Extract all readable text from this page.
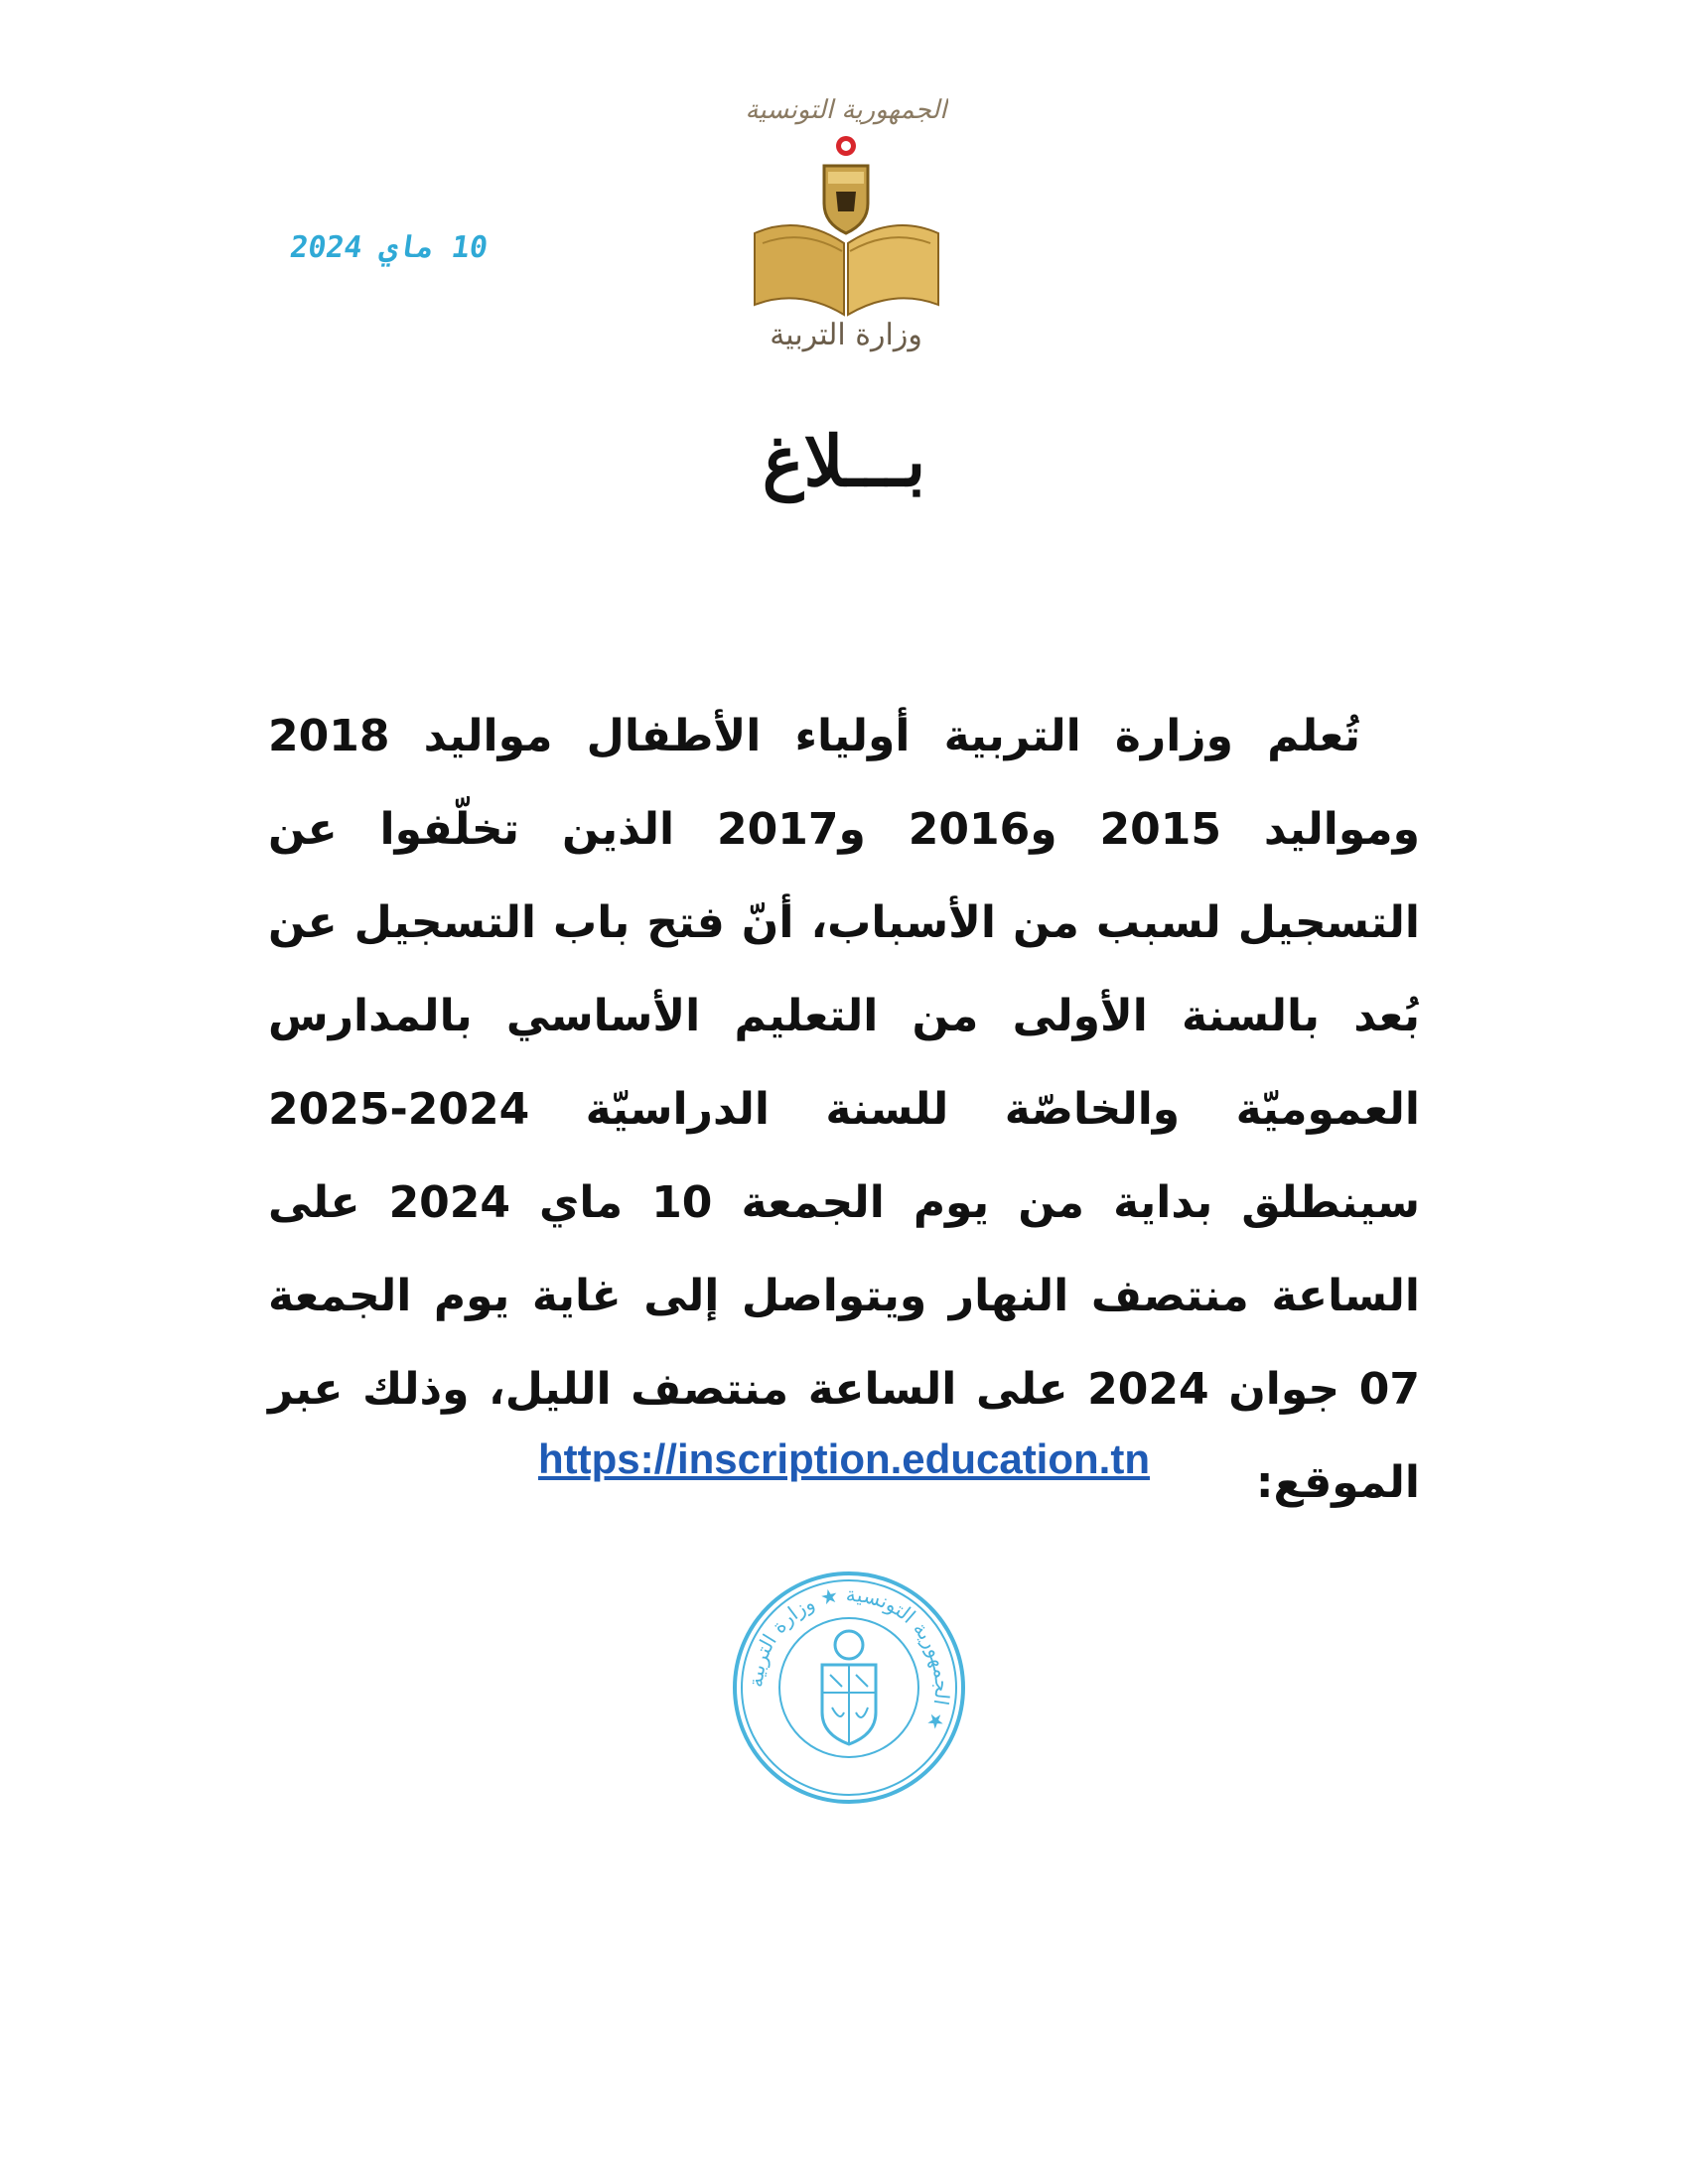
الجمهورية التونسية
وزارة التربية
10 ماي 2024
بـــلاغ
تُعلم وزارة التربية أولياء الأطفال مواليد 2018 ومواليد 2015 و2016 و2017 الذين تخلّفوا عن التسجيل لسبب من الأسباب، أنّ فتح باب التسجيل عن بُعد بالسنة الأولى من التعليم الأساسي بالمدارس العموميّة والخاصّة للسنة الدراسيّة 2024-2025 سينطلق بداية من يوم الجمعة 10 ماي 2024 على الساعة منتصف النهار ويتواصل إلى غاية يوم الجمعة 07 جوان 2024 على الساعة منتصف الليل، وذلك عبر الموقع:
https://inscription.education.tn
الجمهورية التونسية ★ وزارة التربية ★
